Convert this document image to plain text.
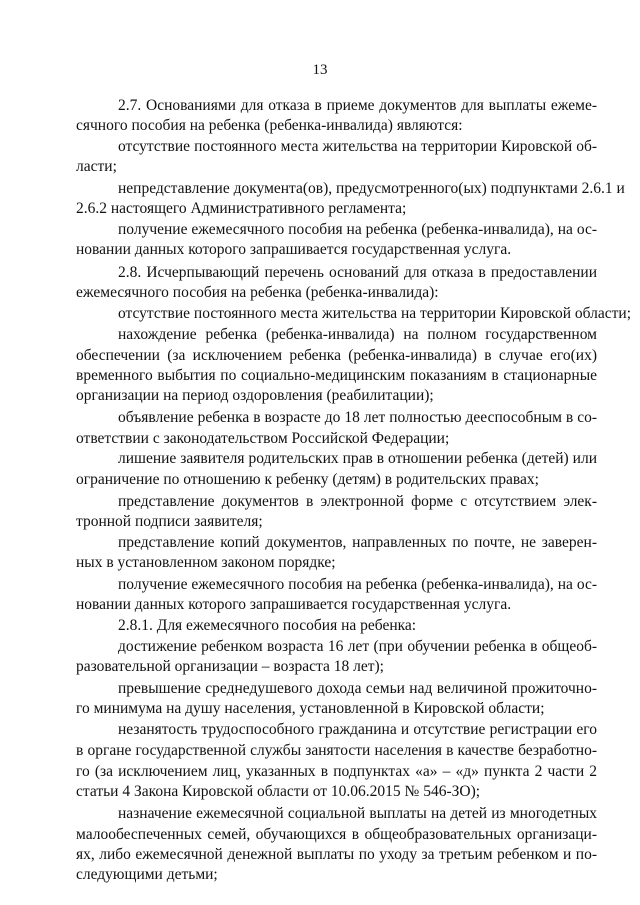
13
2.7. Основаниями для отказа в приеме документов для выплаты ежеме-
сячного пособия на ребенка (ребенка-инвалида) являются:
отсутствие постоянного места жительства на территории Кировской об-
ласти;
непредставление документа(ов), предусмотренного(ых) подпунктами 2.6.1 и
2.6.2 настоящего Административного регламента;
получение ежемесячного пособия на ребенка (ребенка-инвалида), на ос-
новании данных которого запрашивается государственная услуга.
2.8. Исчерпывающий перечень оснований для отказа в предоставлении
ежемесячного пособия на ребенка (ребенка-инвалида):
отсутствие постоянного места жительства на территории Кировской области;
нахождение ребенка (ребенка-инвалида) на полном государственном
обеспечении (за исключением ребенка (ребенка-инвалида) в случае его(их)
временного выбытия по социально-медицинским показаниям в стационарные
организации на период оздоровления (реабилитации);
объявление ребенка в возрасте до 18 лет полностью дееспособным в со-
ответствии с законодательством Российской Федерации;
лишение заявителя родительских прав в отношении ребенка (детей) или
ограничение по отношению к ребенку (детям) в родительских правах;
представление документов в электронной форме с отсутствием элек-
тронной подписи заявителя;
представление копий документов, направленных по почте, не заверен-
ных в установленном законом порядке;
получение ежемесячного пособия на ребенка (ребенка-инвалида), на ос-
новании данных которого запрашивается государственная услуга.
2.8.1. Для ежемесячного пособия на ребенка:
достижение ребенком возраста 16 лет (при обучении ребенка в общеоб-
разовательной организации – возраста 18 лет);
превышение среднедушевого дохода семьи над величиной прожиточно-
го минимума на душу населения, установленной в Кировской области;
незанятость трудоспособного гражданина и отсутствие регистрации его
в органе государственной службы занятости населения в качестве безработно-
го (за исключением лиц, указанных в подпунктах «а» – «д» пункта 2 части 2
статьи 4 Закона Кировской области от 10.06.2015 № 546-ЗО);
назначение ежемесячной социальной выплаты на детей из многодетных
малообеспеченных семей, обучающихся в общеобразовательных организаци-
ях, либо ежемесячной денежной выплаты по уходу за третьим ребенком и по-
следующими детьми;
